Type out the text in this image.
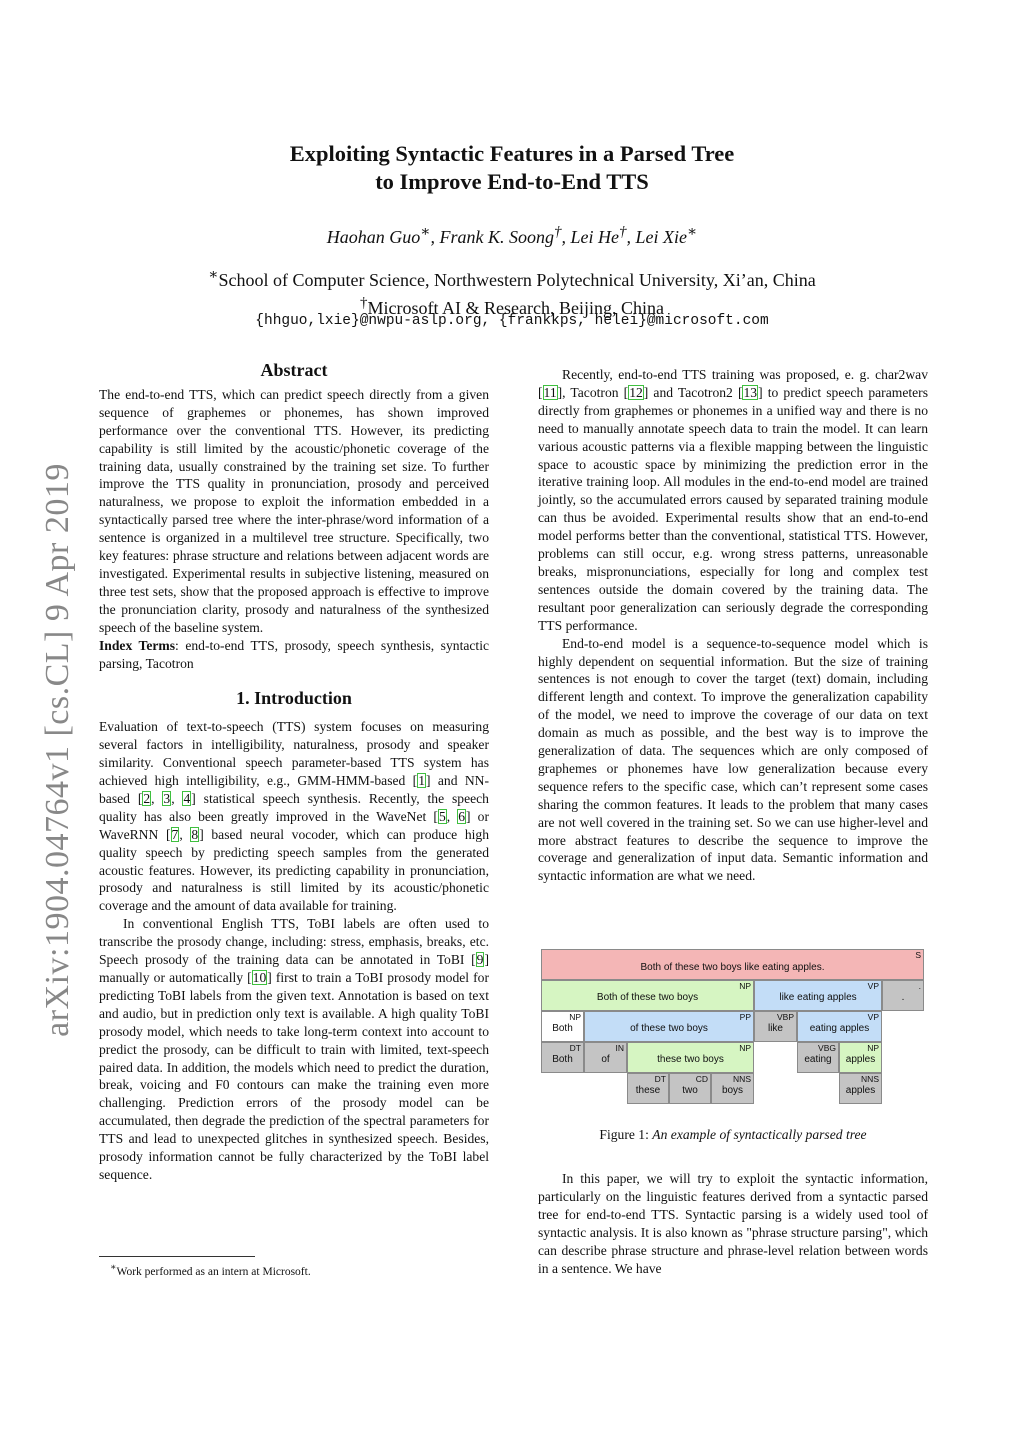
arXiv:1904.04764v1 [cs.CL] 9 Apr 2019
Exploiting Syntactic Features in a Parsed Tree
to Improve End-to-End TTS
Haohan Guo∗, Frank K. Soong†, Lei He†, Lei Xie∗
∗School of Computer Science, Northwestern Polytechnical University, Xi’an, China
†Microsoft AI & Research, Beijing, China
{hhguo,lxie}@nwpu-aslp.org, {frankkps, helei}@microsoft.com
Abstract

The end-to-end TTS, which can predict speech directly from a given sequence of graphemes or phonemes, has shown improved performance over the conventional TTS. However, its predicting capability is still limited by the acoustic/phonetic coverage of the training data, usually constrained by the training set size. To further improve the TTS quality in pronunciation, prosody and perceived naturalness, we propose to exploit the information embedded in a syntactically parsed tree where the inter-phrase/word information of a sentence is organized in a multilevel tree structure. Specifically, two key features: phrase structure and relations between adjacent words are investigated. Experimental results in subjective listening, measured on three test sets, show that the proposed approach is effective to improve the pronunciation clarity, prosody and naturalness of the synthesized speech of the baseline system.

Index Terms: end-to-end TTS, prosody, speech synthesis, syntactic parsing, Tacotron

1. Introduction

Evaluation of text-to-speech (TTS) system focuses on measuring several factors in intelligibility, naturalness, prosody and speaker similarity. Conventional speech parameter-based TTS system has achieved high intelligibility, e.g., GMM-HMM-based [1] and NN-based [2, 3, 4] statistical speech synthesis. Recently, the speech quality has also been greatly improved in the WaveNet [5, 6] or WaveRNN [7, 8] based neural vocoder, which can produce high quality speech by predicting speech samples from the generated acoustic features. However, its predicting capability in pronunciation, prosody and naturalness is still limited by its acoustic/phonetic coverage and the amount of data available for training.

In conventional English TTS, ToBI labels are often used to transcribe the prosody change, including: stress, emphasis, breaks, etc. Speech prosody of the training data can be annotated in ToBI [9] manually or automatically [10] first to train a ToBI prosody model for predicting ToBI labels from the given text. Annotation is based on text and audio, but in prediction only text is available. A high quality ToBI prosody model, which needs to take long-term context into account to predict the prosody, can be difficult to train with limited, text-speech paired data. In addition, the models which need to predict the duration, break, voicing and F0 contours can make the training even more challenging. Prediction errors of the prosody model can be accumulated, then degrade the prediction of the spectral parameters for TTS and lead to unexpected glitches in synthesized speech. Besides, prosody information cannot be fully characterized by the ToBI label sequence.

∗Work performed as an intern at Microsoft.

Recently, end-to-end TTS training was proposed, e. g. char2wav [11], Tacotron [12] and Tacotron2 [13] to predict speech parameters directly from graphemes or phonemes in a unified way and there is no need to manually annotate speech data to train the model. It can learn various acoustic patterns via a flexible mapping between the linguistic space to acoustic space by minimizing the prediction error in the iterative training loop. All modules in the end-to-end model are trained jointly, so the accumulated errors caused by separated training module can thus be avoided. Experimental results show that an end-to-end model performs better than the conventional, statistical TTS. However, problems can still occur, e.g. wrong stress patterns, unreasonable breaks, mispronunciations, especially for long and complex test sentences outside the domain covered by the training data. The resultant poor generalization can seriously degrade the corresponding TTS performance.

End-to-end model is a sequence-to-sequence model which is highly dependent on sequential information. But the size of training sentences is not enough to cover the target (text) domain, including different length and context. To improve the generalization capability of the model, we need to improve the coverage of our data on text domain as much as possible, and the best way is to improve the generalization of data. The sequences which are only composed of graphemes or phonemes have low generalization because every sequence refers to the specific case, which can’t represent some cases sharing the common features. It leads to the problem that many cases are not well covered in the training set. So we can use higher-level and more abstract features to describe the sequence to improve the coverage and generalization of input data. Semantic information and syntactic information are what we need.

S
Both of these two boys like eating apples.
NP
Both of these two boys
VP
like eating apples
.
.
NP
Both
PP
of these two boys
VBP
like
VP
eating apples
DT
Both
IN
of
NP
these two boys
VBG
eating
NP
apples
DT
these
CD
two
NNS
boys
NNS
apples
Figure 1: An example of syntactically parsed tree

In this paper, we will try to exploit the syntactic information, particularly on the linguistic features derived from a syntactic parsed tree for end-to-end TTS. Syntactic parsing is a widely used tool of syntactic analysis. It is also known as "phrase structure parsing", which can describe phrase structure and phrase-level relation between words in a sentence. We have
